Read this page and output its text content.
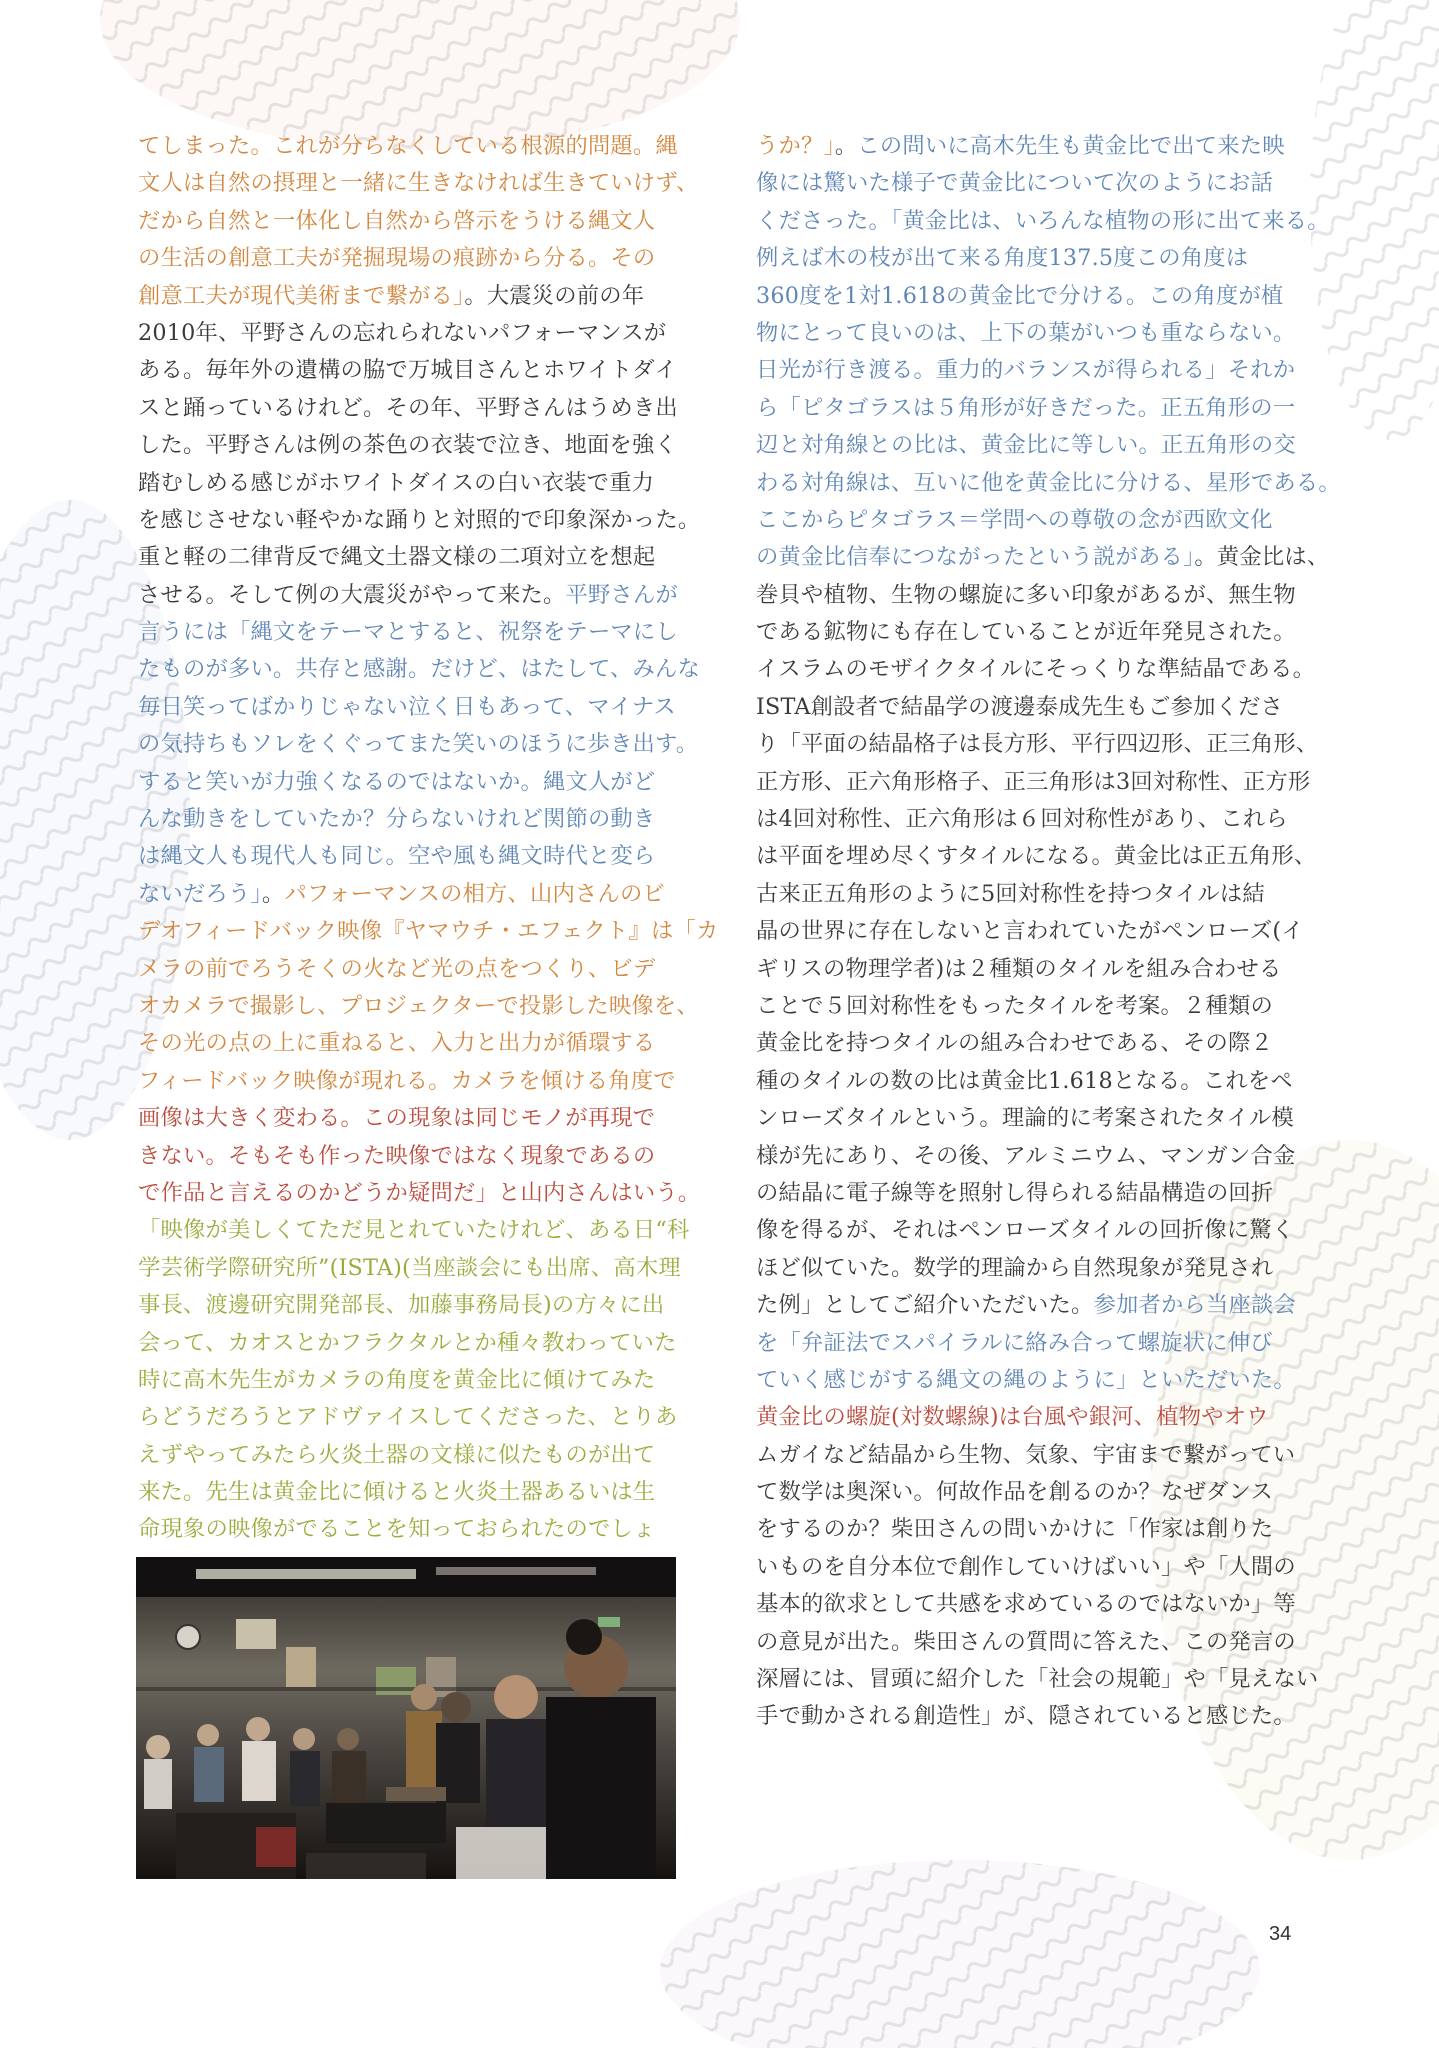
てしまった。これが分らなくしている根源的問題。縄
文人は自然の摂理と一緒に生きなければ生きていけず、
だから自然と一体化し自然から啓示をうける縄文人
の生活の創意工夫が発掘現場の痕跡から分る。その
創意工夫が現代美術まで繋がる」。大震災の前の年
2010年、平野さんの忘れられないパフォーマンスが
ある。毎年外の遺構の脇で万城目さんとホワイトダイ
スと踊っているけれど。その年、平野さんはうめき出
した。平野さんは例の茶色の衣装で泣き、地面を強く
踏むしめる感じがホワイトダイスの白い衣装で重力
を感じさせない軽やかな踊りと対照的で印象深かった。
重と軽の二律背反で縄文土器文様の二項対立を想起
させる。そして例の大震災がやって来た。平野さんが
言うには「縄文をテーマとすると、祝祭をテーマにし
たものが多い。共存と感謝。だけど、はたして、みんな
毎日笑ってばかりじゃない泣く日もあって、マイナス
の気持ちもソレをくぐってまた笑いのほうに歩き出す。
すると笑いが力強くなるのではないか。縄文人がど
んな動きをしていたか？分らないけれど関節の動き
は縄文人も現代人も同じ。空や風も縄文時代と変ら
ないだろう」。パフォーマンスの相方、山内さんのビ
デオフィードバック映像『ヤマウチ・エフェクト』は「カ
メラの前でろうそくの火など光の点をつくり、ビデ
オカメラで撮影し、プロジェクターで投影した映像を、
その光の点の上に重ねると、入力と出力が循環する
フィードバック映像が現れる。カメラを傾ける角度で
画像は大きく変わる。この現象は同じモノが再現で
きない。そもそも作った映像ではなく現象であるの
で作品と言えるのかどうか疑問だ」と山内さんはいう。
「映像が美しくてただ見とれていたけれど、ある日“科
学芸術学際研究所”(ISTA)(当座談会にも出席、高木理
事長、渡邊研究開発部長、加藤事務局長)の方々に出
会って、カオスとかフラクタルとか種々教わっていた
時に高木先生がカメラの角度を黄金比に傾けてみた
らどうだろうとアドヴァイスしてくださった、とりあ
えずやってみたら火炎土器の文様に似たものが出て
来た。先生は黄金比に傾けると火炎土器あるいは生
命現象の映像がでることを知っておられたのでしょ
うか？」。この問いに高木先生も黄金比で出て来た映
像には驚いた様子で黄金比について次のようにお話
くださった。「黄金比は、いろんな植物の形に出て来る。
例えば木の枝が出て来る角度137.5度この角度は
360度を1対1.618の黄金比で分ける。この角度が植
物にとって良いのは、上下の葉がいつも重ならない。
日光が行き渡る。重力的バランスが得られる」それか
ら「ピタゴラスは５角形が好きだった。正五角形の一
辺と対角線との比は、黄金比に等しい。正五角形の交
わる対角線は、互いに他を黄金比に分ける、星形である。
ここからピタゴラス＝学問への尊敬の念が西欧文化
の黄金比信奉につながったという説がある」。黄金比は、
巻貝や植物、生物の螺旋に多い印象があるが、無生物
である鉱物にも存在していることが近年発見された。
イスラムのモザイクタイルにそっくりな準結晶である。
ISTA創設者で結晶学の渡邊泰成先生もご参加くださ
り「平面の結晶格子は長方形、平行四辺形、正三角形、
正方形、正六角形格子、正三角形は3回対称性、正方形
は4回対称性、正六角形は６回対称性があり、これら
は平面を埋め尽くすタイルになる。黄金比は正五角形、
古来正五角形のように5回対称性を持つタイルは結
晶の世界に存在しないと言われていたがペンローズ(イ
ギリスの物理学者)は２種類のタイルを組み合わせる
ことで５回対称性をもったタイルを考案。２種類の
黄金比を持つタイルの組み合わせである、その際２
種のタイルの数の比は黄金比1.618となる。これをペ
ンローズタイルという。理論的に考案されたタイル模
様が先にあり、その後、アルミニウム、マンガン合金
の結晶に電子線等を照射し得られる結晶構造の回折
像を得るが、それはペンローズタイルの回折像に驚く
ほど似ていた。数学的理論から自然現象が発見され
た例」としてご紹介いただいた。参加者から当座談会
を「弁証法でスパイラルに絡み合って螺旋状に伸び
ていく感じがする縄文の縄のように」といただいた。
黄金比の螺旋(対数螺線)は台風や銀河、植物やオウ
ムガイなど結晶から生物、気象、宇宙まで繋がってい
て数学は奥深い。何故作品を創るのか？なぜダンス
をするのか？柴田さんの問いかけに「作家は創りた
いものを自分本位で創作していけばいい」や「人間の
基本的欲求として共感を求めているのではないか」等
の意見が出た。柴田さんの質問に答えた、この発言の
深層には、冒頭に紹介した「社会の規範」や「見えない
手で動かされる創造性」が、隠されていると感じた。
34
